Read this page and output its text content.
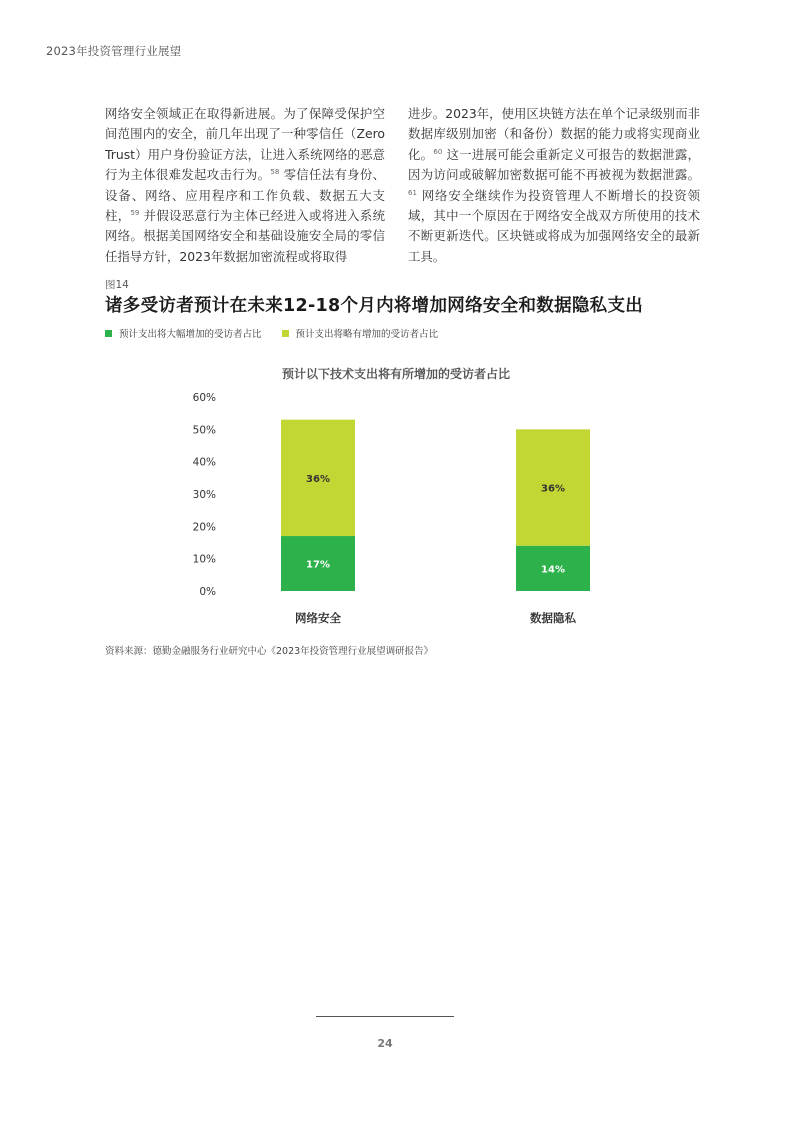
2023年投资管理行业展望

网络安全领域正在取得新进展。为了保障受保护空间范围内的安全，前几年出现了一种零信任（Zero Trust）用户身份验证方法，让进入系统网络的恶意行为主体很难发起攻击行为。$^{58}$ 零信任法有身份、设备、网络、应用程序和工作负载、数据五大支柱，$^{59}$ 并假设恶意行为主体已经进入或将进入系统网络。根据美国网络安全和基础设施安全局的零信任指导方针，2023年数据加密流程或将取得

进步。2023年，使用区块链方法在单个记录级别而非数据库级别加密（和备份）数据的能力或将实现商业化。$^{60}$ 这一进展可能会重新定义可报告的数据泄露，因为访问或破解加密数据可能不再被视为数据泄露。$^{61}$ 网络安全继续作为投资管理人不断增长的投资领域，其中一个原因在于网络安全战双方所使用的技术不断更新迭代。区块链或将成为加强网络安全的最新工具。

图14
诸多受访者预计在未来12-18个月内将增加网络安全和数据隐私支出
预计支出将大幅增加的受访者占比	预计支出将略有增加的受访者占比
预计以下技术支出将有所增加的受访者占比
0%
10%
20%
30%
40%
50%
60%
17%
36%
网络安全
14%
36%
数据隐私
资料来源：德勤金融服务行业研究中心《2023年投资管理行业展望调研报告》
24
